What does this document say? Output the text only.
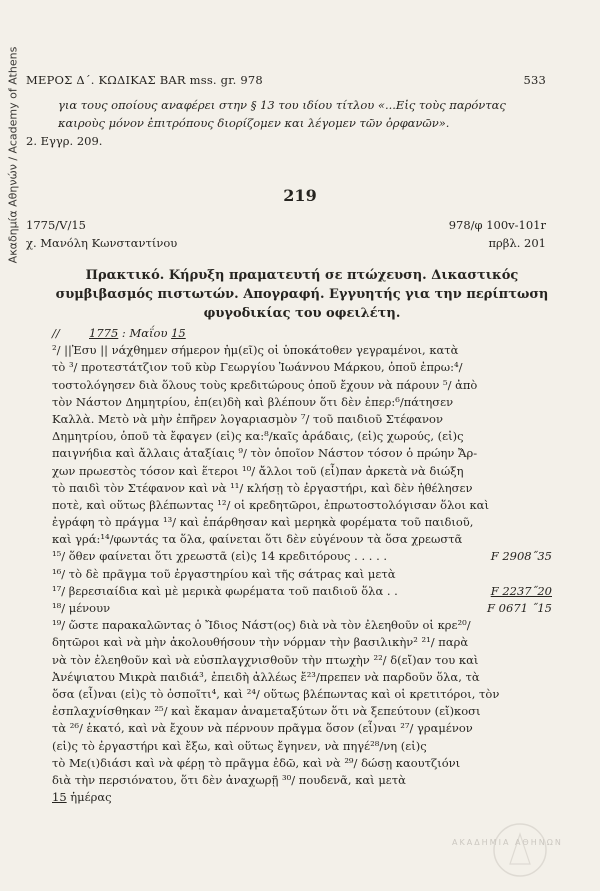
Ακαδημία Αθηνών / Academy of Athens ΜΕΡΟΣ Δ΄. ΚΩΔΙΚΑΣ BAR mss. gr. 978	533
για τους οποίους αναφέρει στην § 13 του ιδίου τίτλου «...Εἰς τοὺς παρόντας
καιροὺς μόνον ἐπιτρόπους διορίζομεν και λέγομεν τῶν ὀρφανῶν».
2. Εγγρ. 209.
219
1775/V/15	978/φ 100v-101r
χ. Μανόλη Κωνσταντίνου	πρβλ. 201
Πρακτικό. Κήρυξη πραματευτή σε πτώχευση. Δικαστικός συμβιβασμός πιστωτών. Απογραφή. Εγγυητής για την περίπτωση φυγοδικίας του οφειλέτη.
//	1775 : Μαΐου 15
²/ ||Ἐσυ || νάχθημεν σήμερον ἡμ(εῖ)ς οἱ ὑποκάτοθεν γεγραμένοι, κατὰ
τὸ ³/ προτεστάτζιον τοῦ κὺρ Γεωργίου Ἰωάννου Μάρκου, ὁποῦ ἐπρω:⁴/
τοστολόγησεν διὰ ὅλους τοὺς κρεδιτώρους ὁποῦ ἔχουν νὰ πάρουν ⁵/ ἀπὸ
τὸν Νάστον Δημητρίου, ἐπ(ει)δὴ καὶ βλέπουν ὅτι δὲν ἐπερ:⁶/πάτησεν
Καλλὰ. Μετὸ νὰ μὴν ἐπῆρεν λογαριασμὸν ⁷/ τοῦ παιδιοῦ Στέφανον
Δημητρίου, ὁποῦ τὰ ἔφαγεν (εἰ)ς κα:⁸/καῖς ἀράδαις, (εἰ)ς χωρούς, (εἰ)ς
παιγνήδια καὶ ἄλλαις ἀταξίαις ⁹/ τὸν ὁποῖον Νάστον τόσον ὁ πρώην Ἄρ-
χων πρωεστὸς τόσον καὶ ἕτεροι ¹⁰/ ἄλλοι τοῦ (εἶ)παν ἀρκετὰ νὰ διώξη
τὸ παιδὶ τὸν Στέφανον καὶ νὰ ¹¹/ κλήσῃ τὸ ἐργαστήρι, καὶ δὲν ἠθέλησεν
ποτὲ, καὶ οὕτως βλέπωντας ¹²/ οἱ κρεδητῶροι, ἐπρωτοστολόγισαν ὅλοι καὶ
ἐγράφη τὸ πράγμα ¹³/ καὶ ἐπάρθησαν καὶ μερηκὰ φορέματα τοῦ παιδιοῦ,
καὶ γρά:¹⁴/φωντάς τα ὅλα, φαίνεται ὅτι δὲν εὐγένουν τὰ ὅσα χρεωστᾶ
¹⁵/ ὅθεν φαίνεται ὅτι χρεωστᾶ (εἰ)ς 14 κρεδιτόρους . . . . .	F 2908˝35
¹⁶/ τὸ δὲ πρᾶγμα τοῦ ἐργαστηρίου καὶ τῆς σάτρας καὶ μετὰ
¹⁷/ βερεσιαίδια καὶ μὲ μερικὰ φωρέματα τοῦ παιδιοῦ ὅλα . .	F 2237˝20
¹⁸/ μένουν	F 0671 ˝15
¹⁹/ ὥστε παρακαλῶντας ὁ Ἴδιος Νάστ(ος) διὰ νὰ τὸν ἐλεηθοῦν οἱ κρε²⁰/
δητῶροι καὶ νὰ μὴν ἀκολουθήσουν τὴν νόρμαν τὴν βασιλικὴν² ²¹/ παρὰ
νὰ τὸν ἐλεηθοῦν καὶ νὰ εὐσπλαγχνισθοῦν τὴν πτωχὴν ²²/ δ(εἴ)αν του καὶ
Ἀνέψιατου Μικρὰ παιδιά³, ἐπειδὴ ἀλλέως ἔ²³/πρεπεν νὰ παρδοῦν ὅλα, τὰ
ὅσα (εἶ)ναι (εἰ)ς τὸ ὁσποῖτι⁴, καὶ ²⁴/ οὕτως βλέπωντας καὶ οἱ κρετιτόροι, τὸν
ἐσπλαχνίσθηκαν ²⁵/ καὶ ἔκαμαν ἀναμεταξύτων ὅτι νὰ ξεπεύτουν (εἴ)κοσι
τὰ ²⁶/ ἑκατό, καὶ νὰ ἔχουν νὰ πέρνουν πρᾶγμα ὅσον (εἶ)ναι ²⁷/ γραμένον
(εἰ)ς τὸ ἐργαστήρι καὶ ἔξω, καὶ οὕτως ἔγηνεν, νὰ πηγέ²⁸/νη (εἰ)ς
τὸ Με(ι)διάσι καὶ νὰ φέρῃ τὸ πρᾶγμα ἐδῶ, καὶ νὰ ²⁹/ δώσῃ καουτζιόνι
διὰ τὴν περσιόνατου, ὅτι δὲν ἀναχωρῇ ³⁰/ πουδενᾶ, καὶ μετὰ
15 ἡμέρας
ΑΚΑΔΗΜΙΑ ΑΘΗΝΩΝ
